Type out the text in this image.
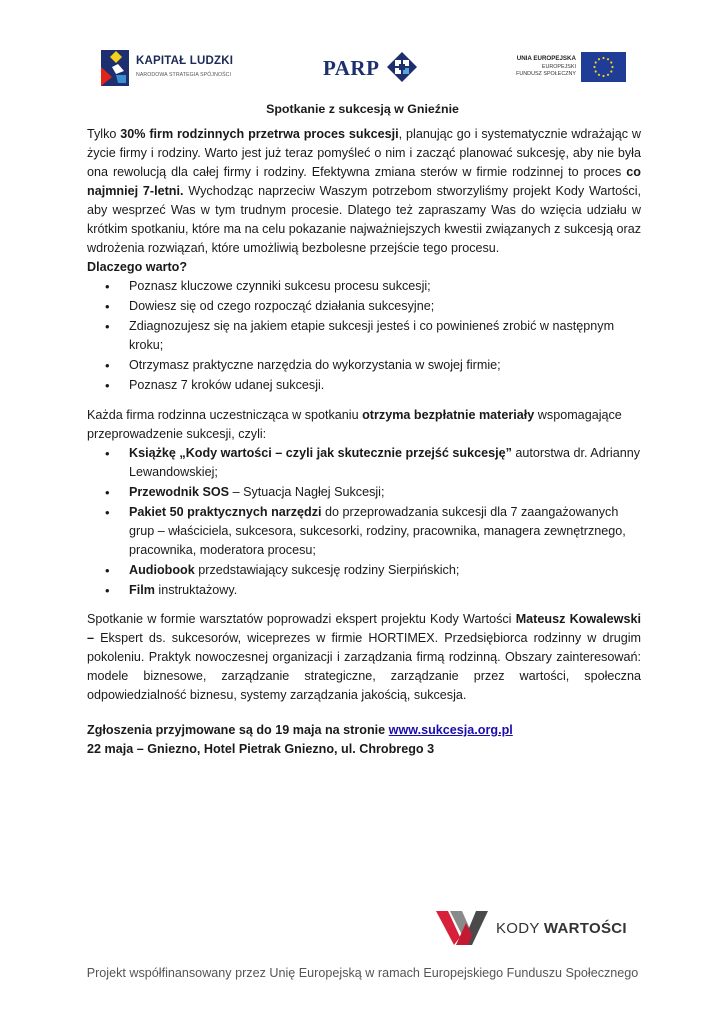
KAPITAŁ LUDZKI
NARODOWA STRATEGIA SPÓJNOŚCI	PARP	UNIA EUROPEJSKA
EUROPEJSKI
FUNDUSZ SPOŁECZNY
Spotkanie z sukcesją w Gnieźnie

Tylko 30% firm rodzinnych przetrwa proces sukcesji, planując go i systematycznie wdrażając w życie firmy i rodziny. Warto jest już teraz pomyśleć o nim i zacząć planować sukcesję, aby nie była ona rewolucją dla całej firmy i rodziny. Efektywna zmiana sterów w firmie rodzinnej to proces co najmniej 7-letni. Wychodząc naprzeciw Waszym potrzebom stworzyliśmy projekt Kody Wartości, aby wesprzeć Was w tym trudnym procesie. Dlatego też zapraszamy Was do wzięcia udziału w krótkim spotkaniu, które ma na celu pokazanie najważniejszych kwestii związanych z sukcesją oraz wdrożenia rozwiązań, które umożliwią bezbolesne przejście tego procesu.

Dlaczego warto?

• Poznasz kluczowe czynniki sukcesu procesu sukcesji;
• Dowiesz się od czego rozpocząć działania sukcesyjne;
• Zdiagnozujesz się na jakiem etapie sukcesji jesteś i co powinieneś zrobić w następnym kroku;
• Otrzymasz praktyczne narzędzia do wykorzystania w swojej firmie;
• Poznasz 7 kroków udanej sukcesji.

Każda firma rodzinna uczestnicząca w spotkaniu otrzyma bezpłatnie materiały wspomagające przeprowadzenie sukcesji, czyli:

• Książkę „Kody wartości – czyli jak skutecznie przejść sukcesję” autorstwa dr. Adrianny Lewandowskiej;
• Przewodnik SOS – Sytuacja Nagłej Sukcesji;
• Pakiet 50 praktycznych narzędzi do przeprowadzania sukcesji dla 7 zaangażowanych grup – właściciela, sukcesora, sukcesorki, rodziny, pracownika, managera zewnętrznego, pracownika, moderatora procesu;
• Audiobook przedstawiający sukcesję rodziny Sierpińskich;
• Film instruktażowy.

Spotkanie w formie warsztatów poprowadzi ekspert projektu Kody Wartości Mateusz Kowalewski – Ekspert ds. sukcesorów, wiceprezes w firmie HORTIMEX. Przedsiębiorca rodzinny w drugim pokoleniu. Praktyk nowoczesnej organizacji i zarządzania firmą rodzinną. Obszary zainteresowań: modele biznesowe, zarządzanie strategiczne, zarządzanie przez wartości, społeczna odpowiedzialność biznesu, systemy zarządzania jakością, sukcesja.

Zgłoszenia przyjmowane są do 19 maja na stronie www.sukcesja.org.pl

22 maja – Gniezno, Hotel Pietrak Gniezno, ul. Chrobrego 3

KODY WARTOŚCI
Projekt współfinansowany przez Unię Europejską w ramach Europejskiego Funduszu Społecznego
